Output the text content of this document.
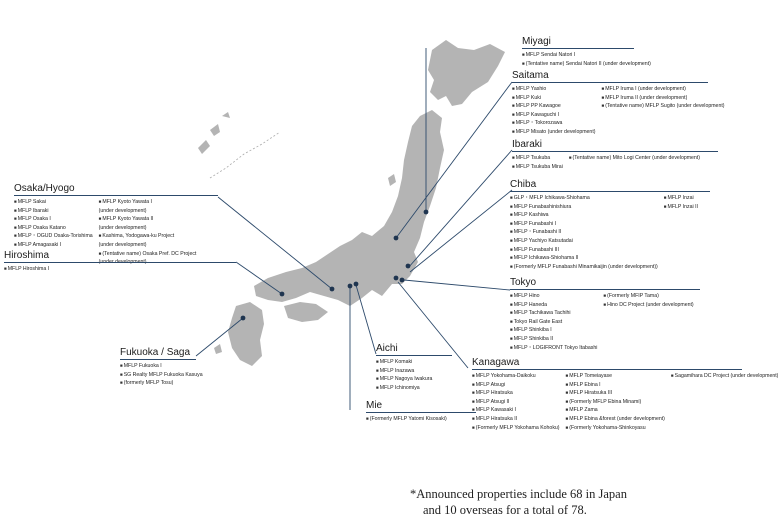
Miyagi
■ MFLP Sendai Natori I
■ (Tentative name) Sendai Natori II (under development)
Saitama
■ MFLP Yashio
■ MFLP Kuki
■ MFLP PP Kawagoe
■ MFLP Kawaguchi I
■ MFLP・Tokorozawa
■ MFLP Misato (under development)
■ MFLP Iruma I (under development)
■ MFLP Iruma II (under development)
■ (Tentative name) MFLP Sugito (under development)
Ibaraki
■ MFLP Tsukuba
■ MFLP Tsukuba Mirai
■ (Tentative name) Mito Logi Center (under development)
Chiba
■ GLP・MFLP Ichikawa-Shiohama
■ MFLP Funabashinishiura
■ MFLP Kashiwa
■ MFLP Funabashi I
■ MFLP・Funabashi II
■ MFLP Yachiyo Katsutadai
■ MFLP Funabashi III
■ MFLP Ichikawa-Shiohama II
■ (Formerly MFLP Funabashi Minamikaijin (under development))
■ MFLP Inzai
■ MFLP Inzai II
Tokyo
■ MFLP Hino
■ MFLP Haneda
■ MFLP Tachikawa Tachihi
■ Tokyo Rail Gate East
■ MFLP Shinkiba I
■ MFLP Shinkiba II
■ MFLP・LOGIFRONT Tokyo Itabashi
■ (Formerly MFIP Tama)
■ Hino DC Project (under development)
Kanagawa
■ MFLP Yokohama-Daikoku
■ MFLP Atsugi
■ MFLP Hiratsuka
■ MFLP Atsugi II
■ MFLP Kawasaki I
■ MFLP Hiratsuka II
■ (Formerly MFLP Yokohama Kohoku)
■ MFLP Tomeiayase
■ MFLP Ebina I
■ MFLP Hiratsuka III
■ (Formerly MFLP Ebina Minami)
■ MFLP Zama
■ MFLP Ebina &forest (under development)
■ (Formerly Yokohama-Shinkoyasu
■ Sagamihara DC Project (under development)
Osaka/Hyogo
■ MFLP Sakai
■ MFLP Ibaraki
■ MFLP Osaka I
■ MFLP Osaka Katano
■ MFLP・OGUD Osaka-Torishima
■ MFLP Amagasaki I
■ MFLP Kyoto Yawata I
(under development)
■ MFLP Kyoto Yawata II
(under development)
■ Kashima, Yodogawa-ku Project
(under development)
■ (Tentative name) Osaka Pref. DC Project
(under development)
Hiroshima
■ MFLP Hiroshima I
Aichi
■ MFLP Komaki
■ MFLP Inazawa
■ MFLP Nagoya Iwakura
■ MFLP Ichinomiya
Fukuoka / Saga
■ MFLP Fukuoka I
■ SG Realty MFLP Fukuoka Kasuya
■ (formerly MFLP Tosu)
Mie
■ (Formerly MFLP Yatomi Kisosaki)
*Announced properties include 68 in Japan
and 10 overseas for a total of 78.
